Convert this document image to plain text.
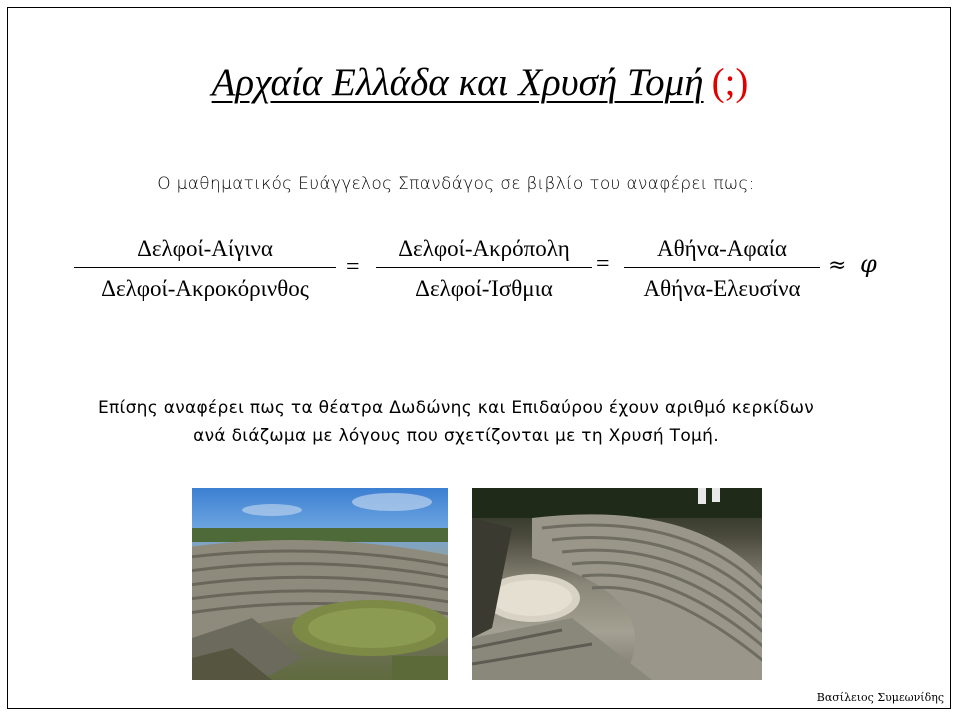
Αρχαία Ελλάδα και Χρυσή Τομή (;)
Ο μαθηματικός Ευάγγελος Σπανδάγος σε βιβλίο του αναφέρει πως:
Δελφοί-Αίγινα
Δελφοί-Ακροκόρινθος
=
Δελφοί-Ακρόπολη
Δελφοί-Ίσθμια
=
Αθήνα-Αφαία
Αθήνα-Ελευσίνα
≈ φ
Επίσης αναφέρει πως τα θέατρα Δωδώνης και Επιδαύρου έχουν αριθμό κερκίδων
ανά διάζωμα με λόγους που σχετίζονται με τη Χρυσή Τομή.
Βασίλειος Συμεωνίδης
